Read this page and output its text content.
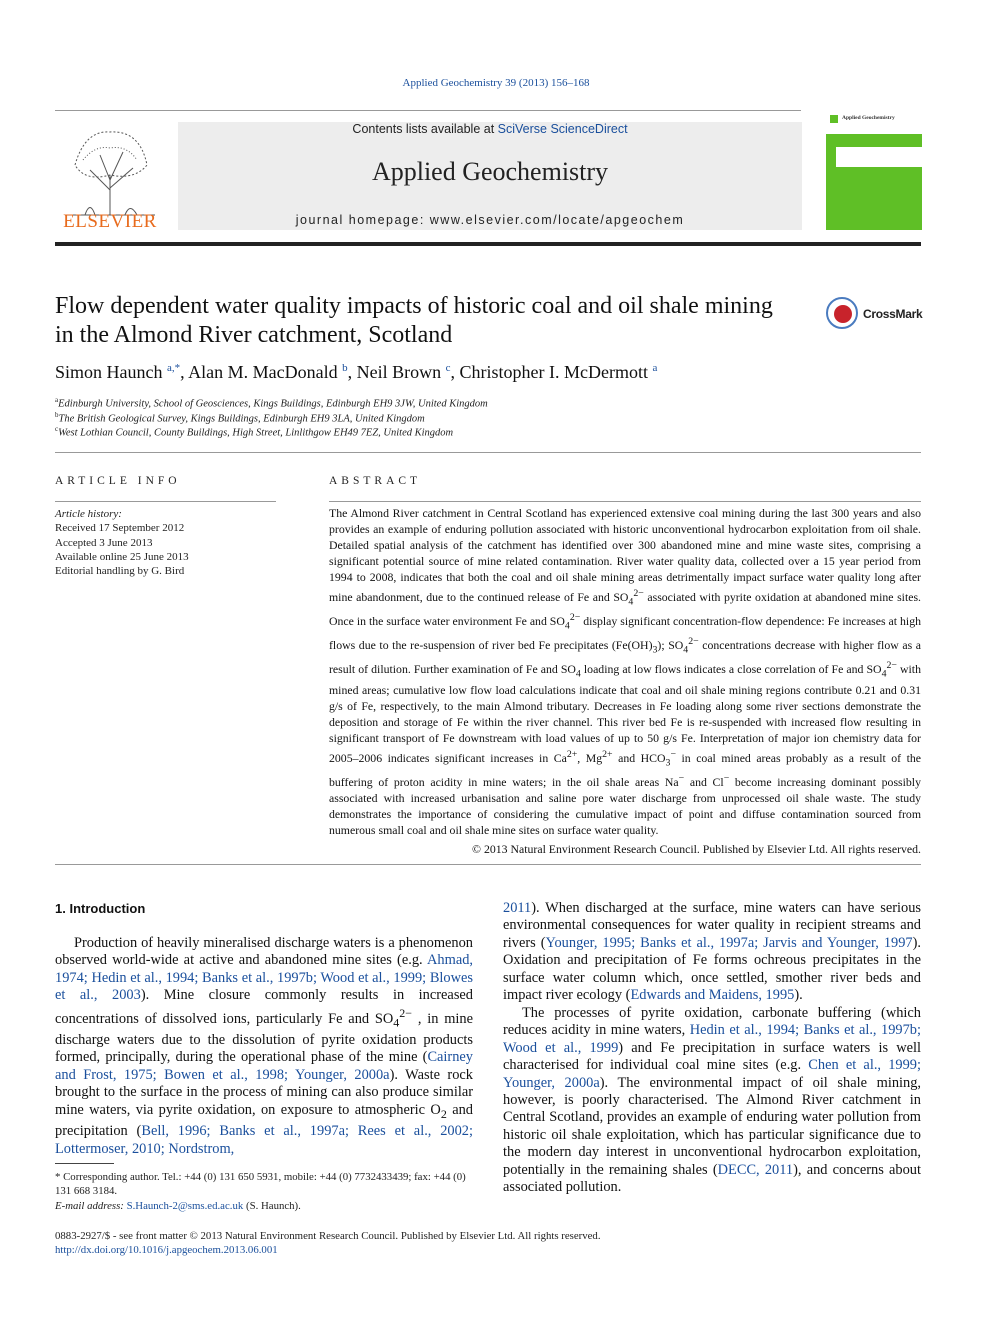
Applied Geochemistry 39 (2013) 156–168
ELSEVIER
Contents lists available at SciVerse ScienceDirect
Applied Geochemistry
journal homepage: www.elsevier.com/locate/apgeochem
Applied Geochemistry
Flow dependent water quality impacts of historic coal and oil shale mining in the Almond River catchment, Scotland
CrossMark
Simon Haunch $^{a,*}$, Alan M. MacDonald $^b$, Neil Brown $^c$, Christopher I. McDermott $^a$
$^a$Edinburgh University, School of Geosciences, Kings Buildings, Edinburgh EH9 3JW, United Kingdom
$^b$The British Geological Survey, Kings Buildings, Edinburgh EH9 3LA, United Kingdom
$^c$West Lothian Council, County Buildings, High Street, Linlithgow EH49 7EZ, United Kingdom
ARTICLE INFO
Article history:
Received 17 September 2012
Accepted 3 June 2013
Available online 25 June 2013
Editorial handling by G. Bird
ABSTRACT
The Almond River catchment in Central Scotland has experienced extensive coal mining during the last 300 years and also provides an example of enduring pollution associated with historic unconventional hydrocarbon exploitation from oil shale. Detailed spatial analysis of the catchment has identified over 300 abandoned mine and mine waste sites, comprising a significant potential source of mine related contamination. River water quality data, collected over a 15 year period from 1994 to 2008, indicates that both the coal and oil shale mining areas detrimentally impact surface water quality long after mine abandonment, due to the continued release of Fe and $SO_4^{2-}$ associated with pyrite oxidation at abandoned mine sites. Once in the surface water environment Fe and $SO_4^{2-}$ display significant concentration-flow dependence: Fe increases at high flows due to the re-suspension of river bed Fe precipitates $(Fe(OH)_3)$; $SO_4^{2-}$ concentrations decrease with higher flow as a result of dilution. Further examination of Fe and $SO_4$ loading at low flows indicates a close correlation of Fe and $SO_4^{2-}$ with mined areas; cumulative low flow load calculations indicate that coal and oil shale mining regions contribute 0.21 and 0.31 g/s of Fe, respectively, to the main Almond tributary. Decreases in Fe loading along some river sections demonstrate the deposition and storage of Fe within the river channel. This river bed Fe is re-suspended with increased flow resulting in significant transport of Fe downstream with load values of up to 50 g/s Fe. Interpretation of major ion chemistry data for 2005–2006 indicates significant increases in $Ca^{2+}$, $Mg^{2+}$ and $HCO_3^-$ in coal mined areas probably as a result of the buffering of proton acidity in mine waters; in the oil shale areas Na− and Cl− become increasing dominant possibly associated with increased urbanisation and saline pore water discharge from unprocessed oil shale waste. The study demonstrates the importance of considering the cumulative impact of point and diffuse contamination sourced from numerous small coal and oil shale mine sites on surface water quality.
© 2013 Natural Environment Research Council. Published by Elsevier Ltd. All rights reserved.
1. Introduction

Production of heavily mineralised discharge waters is a phenomenon observed world-wide at active and abandoned mine sites (e.g. Ahmad, 1974; Hedin et al., 1994; Banks et al., 1997b; Wood et al., 1999; Blowes et al., 2003). Mine closure commonly results in increased concentrations of dissolved ions, particularly Fe and $SO_4^{2-}$ , in mine discharge waters due to the dissolution of pyrite oxidation products formed, principally, during the operational phase of the mine (Cairney and Frost, 1975; Bowen et al., 1998; Younger, 2000a). Waste rock brought to the surface in the process of mining can also produce similar mine waters, via pyrite oxidation, on exposure to atmospheric $O_2$ and precipitation (Bell, 1996; Banks et al., 1997a; Rees et al., 2002; Lottermoser, 2010; Nordstrom,

2011). When discharged at the surface, mine waters can have serious environmental consequences for water quality in recipient streams and rivers (Younger, 1995; Banks et al., 1997a; Jarvis and Younger, 1997). Oxidation and precipitation of Fe forms ochreous precipitates in the surface water column which, once settled, smother river beds and impact river ecology (Edwards and Maidens, 1995).

The processes of pyrite oxidation, carbonate buffering (which reduces acidity in mine waters, Hedin et al., 1994; Banks et al., 1997b; Wood et al., 1999) and Fe precipitation in surface waters is well characterised for individual coal mine sites (e.g. Chen et al., 1999; Younger, 2000a). The environmental impact of oil shale mining, however, is poorly characterised. The Almond River catchment in Central Scotland, provides an example of enduring water pollution from historic oil shale exploitation, which has particular significance due to the modern day interest in unconventional hydrocarbon exploitation, potentially in the remaining shales (DECC, 2011), and concerns about associated pollution.

* Corresponding author. Tel.: +44 (0) 131 650 5931, mobile: +44 (0) 7732433439; fax: +44 (0) 131 668 3184.
E-mail address: S.Haunch-2@sms.ed.ac.uk (S. Haunch).
0883-2927/$ - see front matter © 2013 Natural Environment Research Council. Published by Elsevier Ltd. All rights reserved.
http://dx.doi.org/10.1016/j.apgeochem.2013.06.001
